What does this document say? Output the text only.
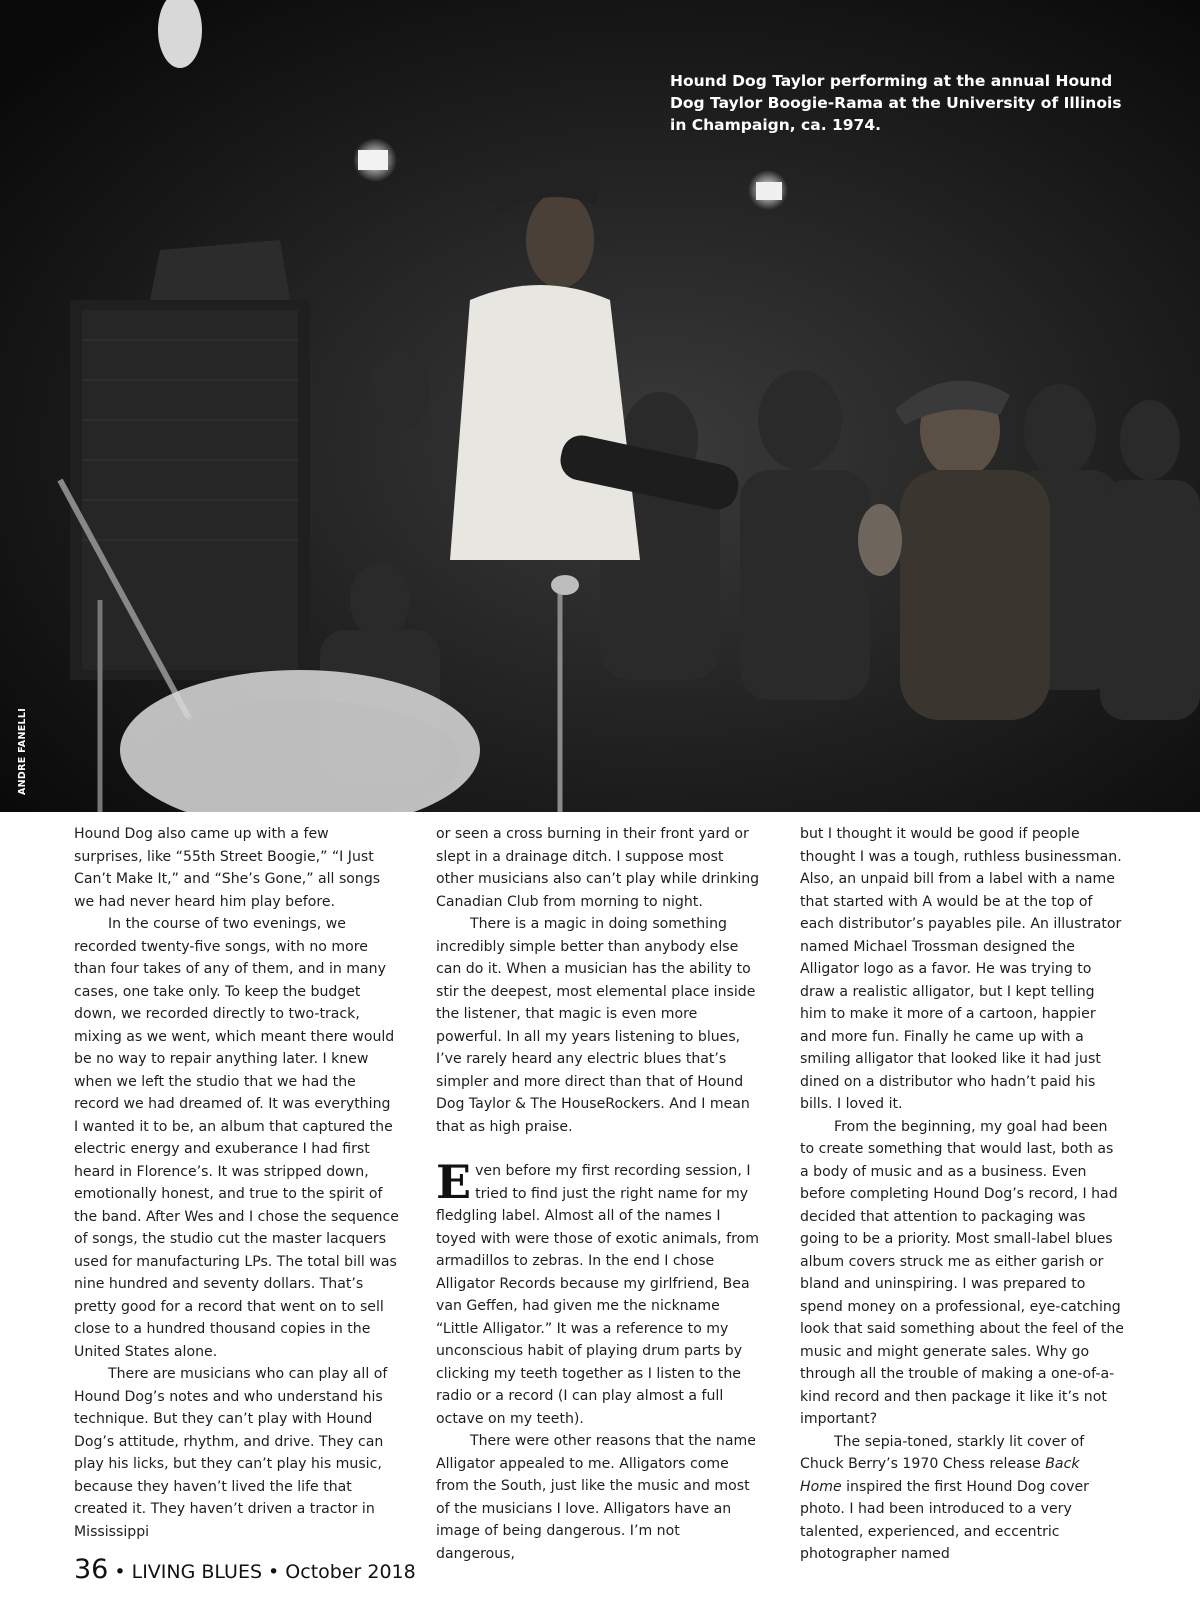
Hound Dog Taylor performing at the annual Hound Dog Taylor Boogie-Rama at the University of Illinois in Champaign, ca. 1974.
ANDRE FANELLI

Hound Dog also came up with a few surprises, like “55th Street Boogie,” “I Just Can’t Make It,” and “She’s Gone,” all songs we had never heard him play before.

In the course of two evenings, we recorded twenty-five songs, with no more than four takes of any of them, and in many cases, one take only. To keep the budget down, we recorded directly to two-track, mixing as we went, which meant there would be no way to repair anything later. I knew when we left the studio that we had the record we had dreamed of. It was everything I wanted it to be, an album that captured the electric energy and exuberance I had first heard in Florence’s. It was stripped down, emotionally honest, and true to the spirit of the band. After Wes and I chose the sequence of songs, the studio cut the master lacquers used for manufacturing LPs. The total bill was nine hundred and seventy dollars. That’s pretty good for a record that went on to sell close to a hundred thousand copies in the United States alone.

There are musicians who can play all of Hound Dog’s notes and who understand his technique. But they can’t play with Hound Dog’s attitude, rhythm, and drive. They can play his licks, but they can’t play his music, because they haven’t lived the life that created it. They haven’t driven a tractor in Mississippi

or seen a cross burning in their front yard or slept in a drainage ditch. I suppose most other musicians also can’t play while drinking Canadian Club from morning to night.

There is a magic in doing something incredibly simple better than anybody else can do it. When a musician has the ability to stir the deepest, most elemental place inside the listener, that magic is even more powerful. In all my years listening to blues, I’ve rarely heard any electric blues that’s simpler and more direct than that of Hound Dog Taylor & The HouseRockers. And I mean that as high praise.

Even before my first recording session, I tried to find just the right name for my fledgling label. Almost all of the names I toyed with were those of exotic animals, from armadillos to zebras. In the end I chose Alligator Records because my girlfriend, Bea van Geffen, had given me the nickname “Little Alligator.” It was a reference to my unconscious habit of playing drum parts by clicking my teeth together as I listen to the radio or a record (I can play almost a full octave on my teeth).

There were other reasons that the name Alligator appealed to me. Alligators come from the South, just like the music and most of the musicians I love. Alligators have an image of being dangerous. I’m not dangerous,

but I thought it would be good if people thought I was a tough, ruthless businessman. Also, an unpaid bill from a label with a name that started with A would be at the top of each distributor’s payables pile. An illustrator named Michael Trossman designed the Alligator logo as a favor. He was trying to draw a realistic alligator, but I kept telling him to make it more of a cartoon, happier and more fun. Finally he came up with a smiling alligator that looked like it had just dined on a distributor who hadn’t paid his bills. I loved it.

From the beginning, my goal had been to create something that would last, both as a body of music and as a business. Even before completing Hound Dog’s record, I had decided that attention to packaging was going to be a priority. Most small-label blues album covers struck me as either garish or bland and uninspiring. I was prepared to spend money on a professional, eye-catching look that said something about the feel of the music and might generate sales. Why go through all the trouble of making a one-of-a-kind record and then package it like it’s not important?

The sepia-toned, starkly lit cover of Chuck Berry’s 1970 Chess release Back Home inspired the first Hound Dog cover photo. I had been introduced to a very talented, experienced, and eccentric photographer named

36 • LIVING BLUES • October 2018
